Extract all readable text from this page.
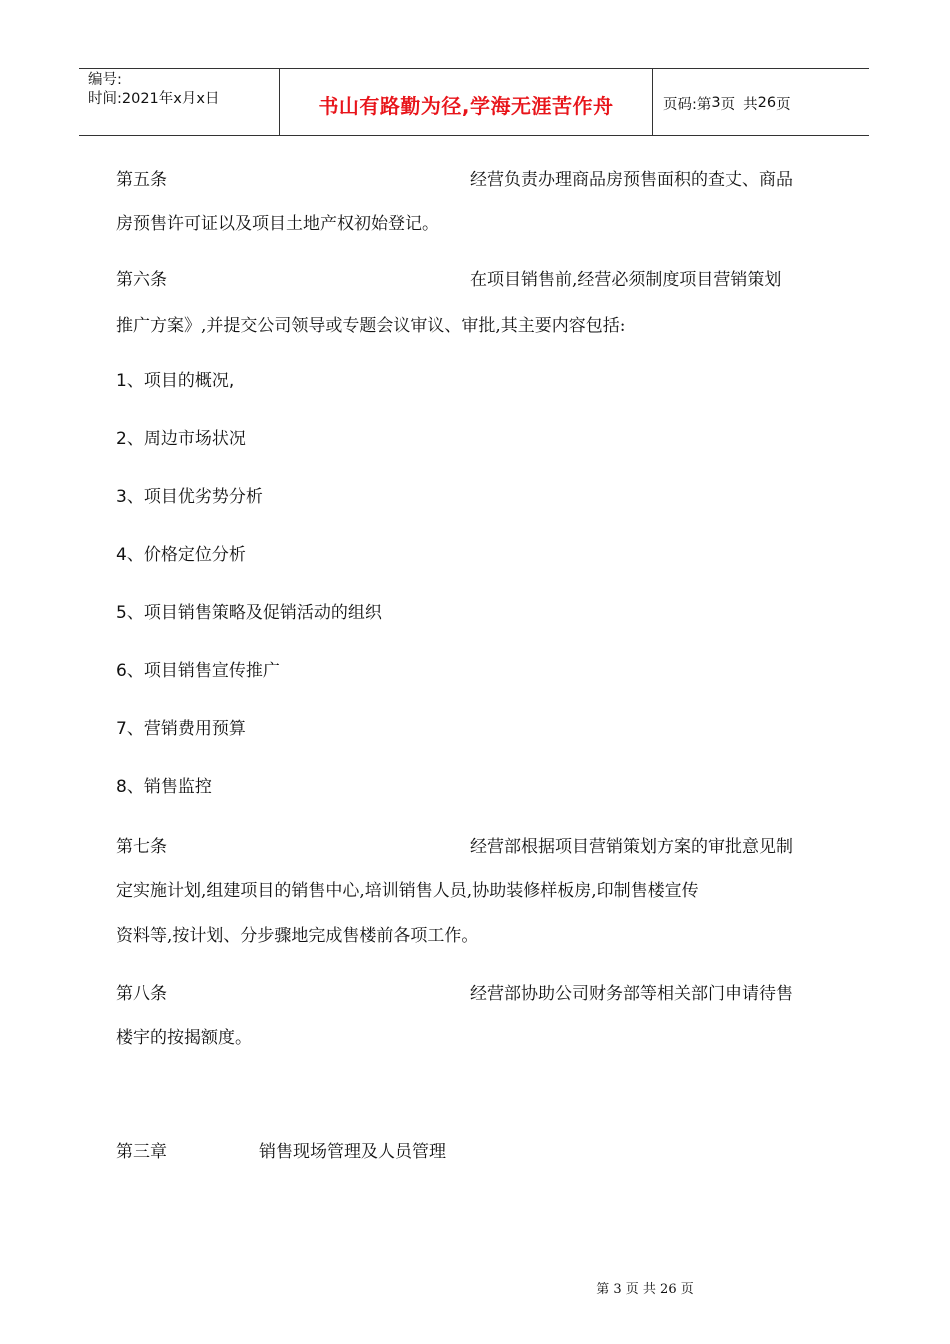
编号:
时间:2021年x月x日	书山有路勤为径,学海无涯苦作舟	页码:第 3 页 共 26 页
第五条	经营负责办理商品房预售面积的查丈、商品
房预售许可证以及项目土地产权初始登记。
第六条	在项目销售前,经营必须制度项目营销策划
推广方案》,并提交公司领导或专题会议审议、审批,其主要内容包括:
1、项目的概况,
2、周边市场状况
3、项目优劣势分析
4、价格定位分析
5、项目销售策略及促销活动的组织
6、项目销售宣传推广
7、营销费用预算
8、销售监控
第七条	经营部根据项目营销策划方案的审批意见制
定实施计划,组建项目的销售中心,培训销售人员,协助装修样板房,印制售楼宣传
资料等,按计划、分步骤地完成售楼前各项工作。
第八条	经营部协助公司财务部等相关部门申请待售
楼宇的按揭额度。
第三章	销售现场管理及人员管理
第 3 页 共 26 页
